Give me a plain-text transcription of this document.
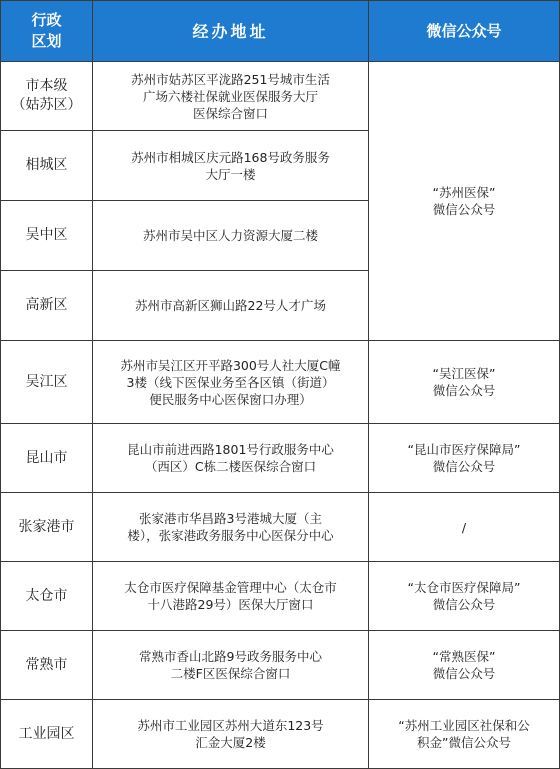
行政
区划	经办地址	微信公众号
市本级
（姑苏区）	苏州市姑苏区平泷路251号城市生活
广场六楼社保就业医保服务大厅
医保综合窗口	“苏州医保”
微信公众号
相城区	苏州市相城区庆元路168号政务服务
大厅一楼	
吴中区	苏州市吴中区人力资源大厦二楼	
高新区	苏州市高新区狮山路22号人才广场	
吴江区	苏州市吴江区开平路300号人社大厦C幢
3楼（线下医保业务至各区镇（街道）
便民服务中心医保窗口办理）	“吴江医保”
微信公众号
昆山市	昆山市前进西路1801号行政服务中心
（西区）C栋二楼医保综合窗口	“昆山市医疗保障局”
微信公众号
张家港市	张家港市华昌路3号港城大厦（主
楼），张家港政务服务中心医保分中心	/
太仓市	太仓市医疗保障基金管理中心（太仓市
十八港路29号）医保大厅窗口	“太仓市医疗保障局”
微信公众号
常熟市	常熟市香山北路9号政务服务中心
二楼F区医保综合窗口	“常熟医保”
微信公众号
工业园区	苏州市工业园区苏州大道东123号
汇金大厦2楼	“苏州工业园区社保和公
积金”微信公众号
